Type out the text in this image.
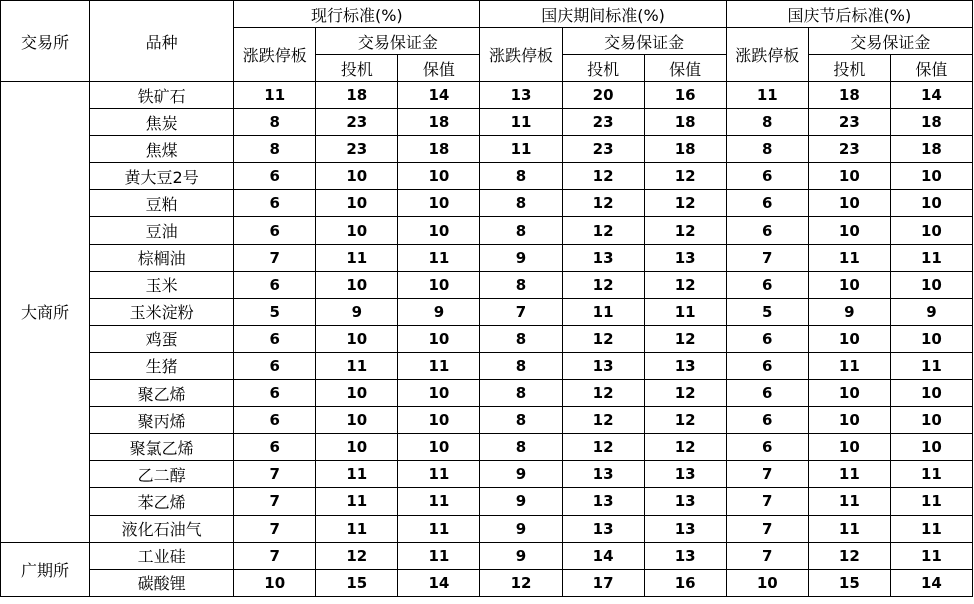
交易所	品种	现行标准(%)			国庆期间标准(%)			国庆节后标准(%)		
		涨跌停板	交易保证金		涨跌停板	交易保证金		涨跌停板	交易保证金	
			投机	保值		投机	保值		投机	保值
大商所	铁矿石	11	18	14	13	20	16	11	18	14
	焦炭	8	23	18	11	23	18	8	23	18
	焦煤	8	23	18	11	23	18	8	23	18
	黄大豆2号	6	10	10	8	12	12	6	10	10
	豆粕	6	10	10	8	12	12	6	10	10
	豆油	6	10	10	8	12	12	6	10	10
	棕榈油	7	11	11	9	13	13	7	11	11
	玉米	6	10	10	8	12	12	6	10	10
	玉米淀粉	5	9	9	7	11	11	5	9	9
	鸡蛋	6	10	10	8	12	12	6	10	10
	生猪	6	11	11	8	13	13	6	11	11
	聚乙烯	6	10	10	8	12	12	6	10	10
	聚丙烯	6	10	10	8	12	12	6	10	10
	聚氯乙烯	6	10	10	8	12	12	6	10	10
	乙二醇	7	11	11	9	13	13	7	11	11
	苯乙烯	7	11	11	9	13	13	7	11	11
	液化石油气	7	11	11	9	13	13	7	11	11
广期所	工业硅	7	12	11	9	14	13	7	12	11
	碳酸锂	10	15	14	12	17	16	10	15	14
